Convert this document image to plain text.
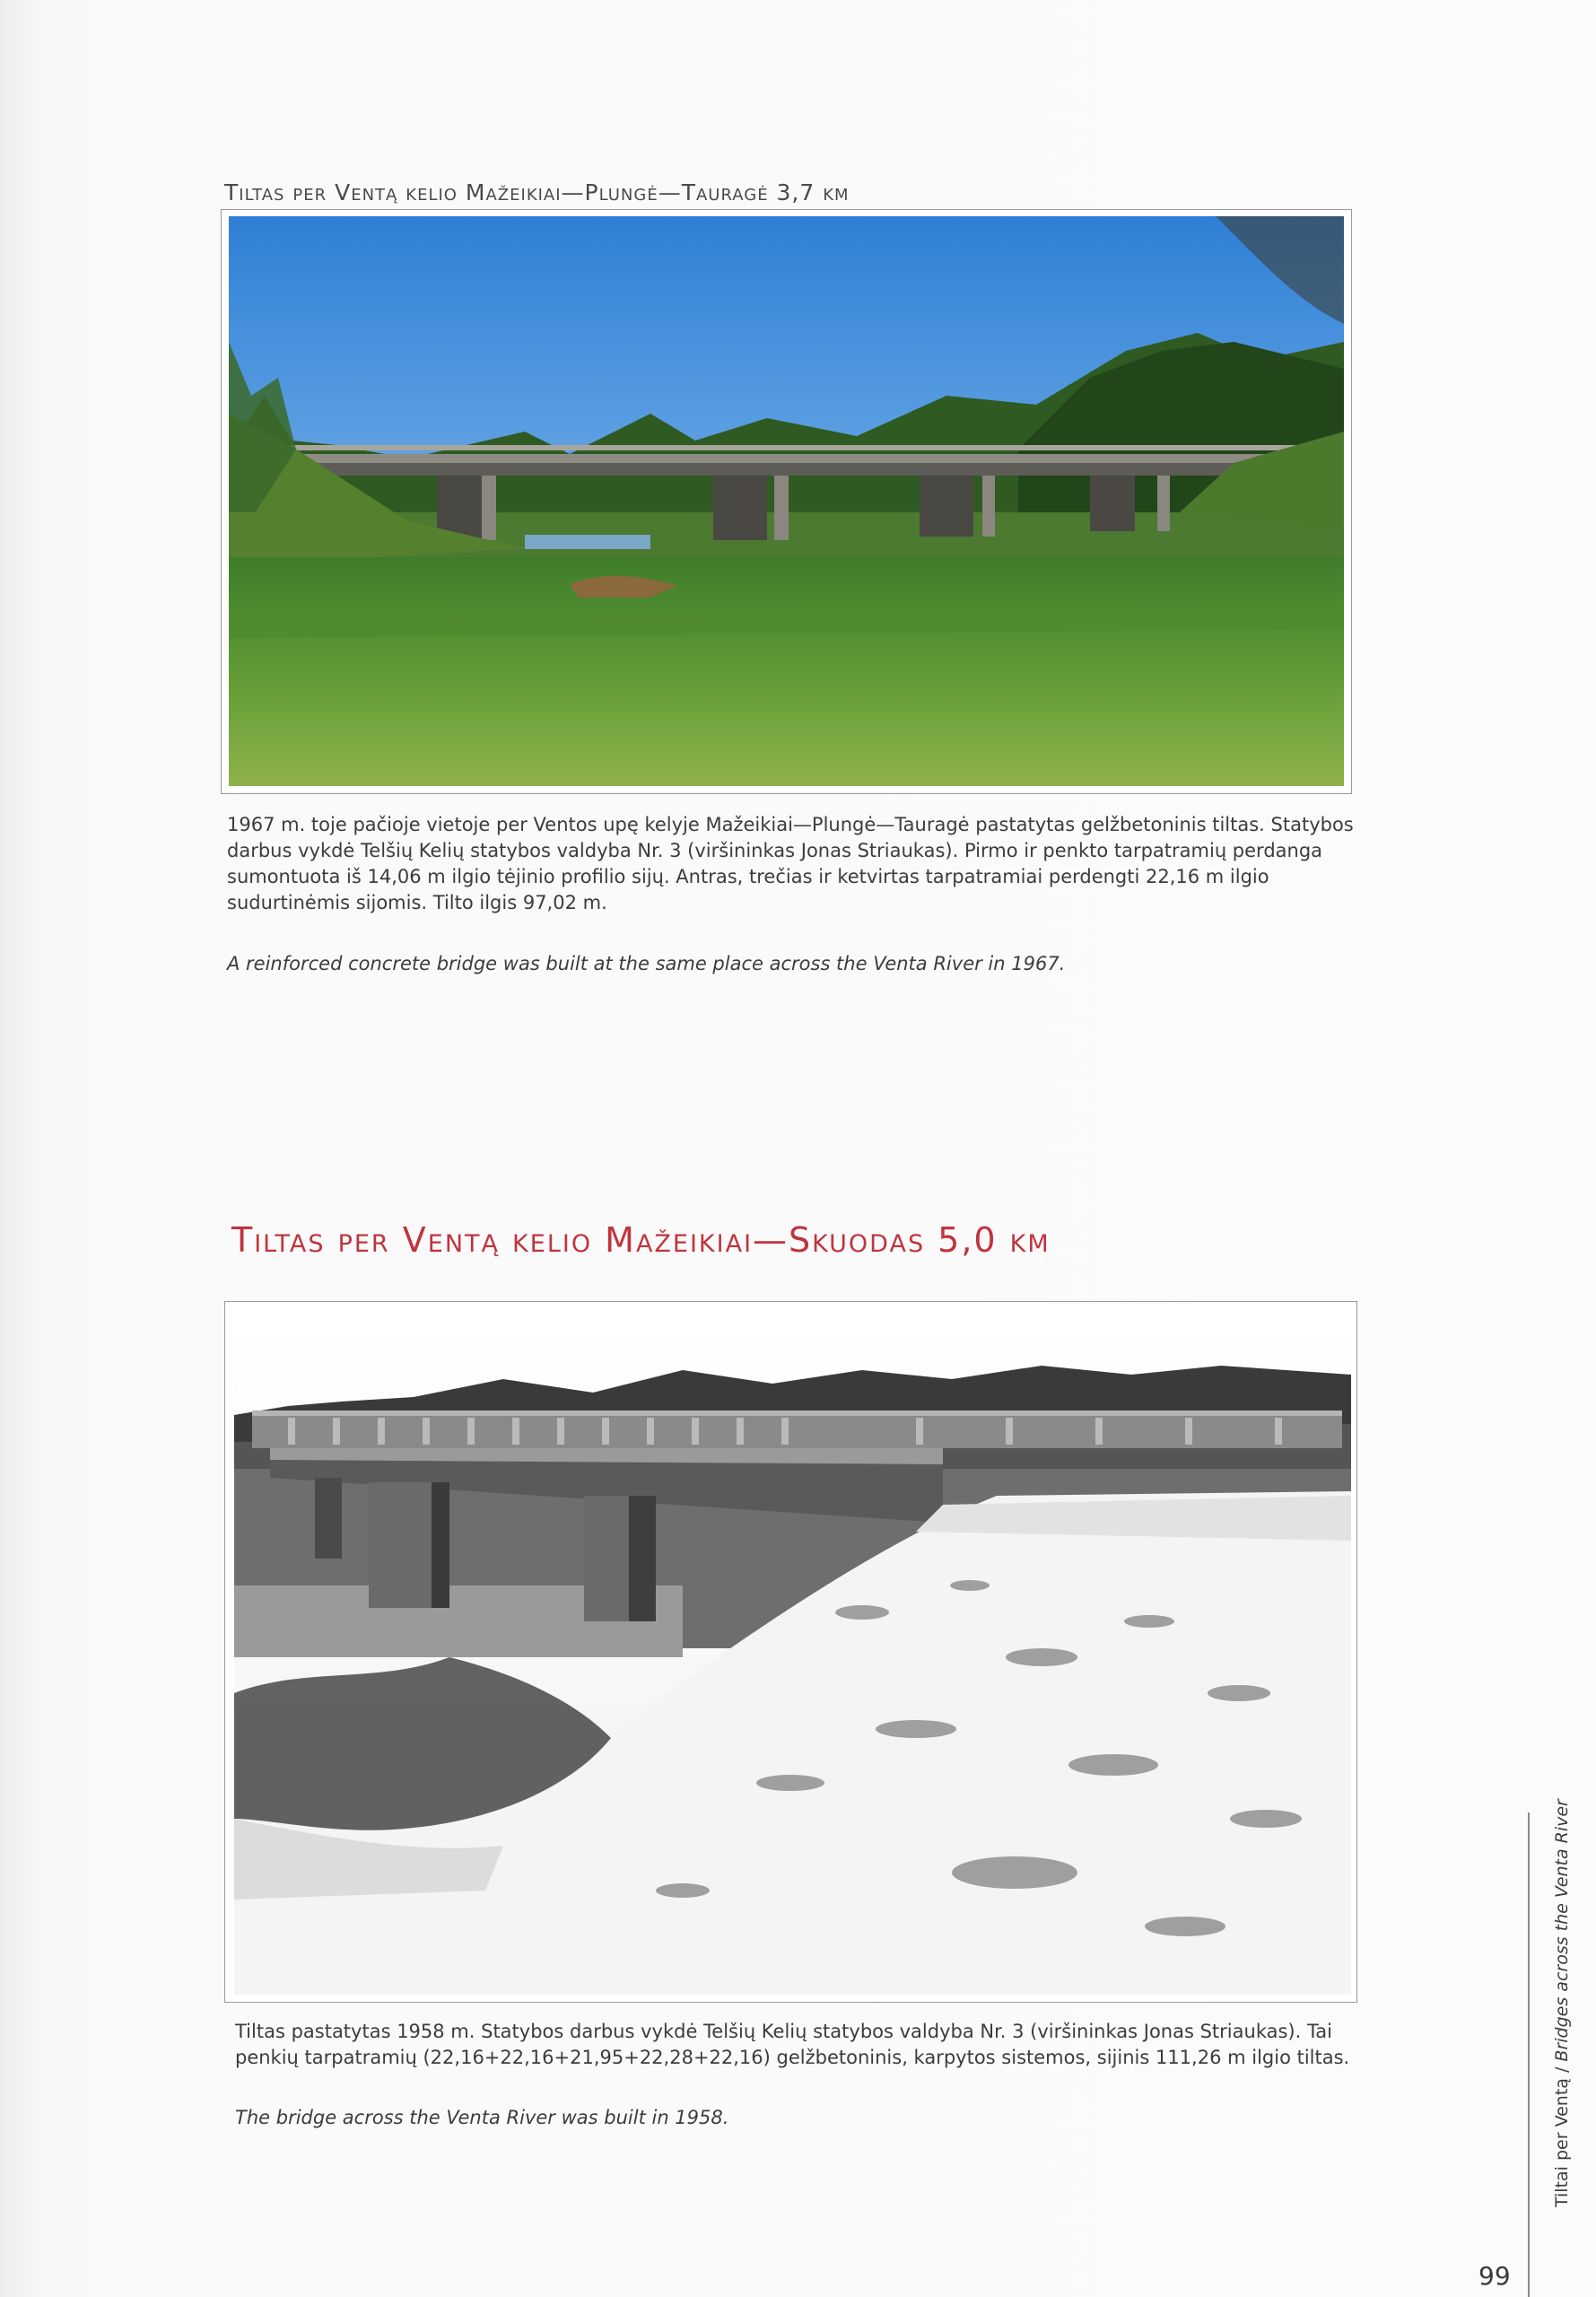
Tiltas per Ventą kelio Mažeikiai—Plungė—Tauragė 3,7 km

1967 m. toje pačioje vietoje per Ventos upę kelyje Mažeikiai—Plungė—Tauragė pastatytas gelžbetoninis tiltas. Statybos darbus vykdė Telšių Kelių statybos valdyba Nr. 3 (viršininkas Jonas Striaukas). Pirmo ir penkto tarpatramių perdanga sumontuota iš 14,06 m ilgio tėjinio profilio sijų. Antras, trečias ir ketvirtas tarpatramiai perdengti 22,16 m ilgio sudurtinėmis sijomis. Tilto ilgis 97,02 m.

A reinforced concrete bridge was built at the same place across the Venta River in 1967.

Tiltas per Ventą kelio Mažeikiai—Skuodas 5,0 km

Tiltas pastatytas 1958 m. Statybos darbus vykdė Telšių Kelių statybos valdyba Nr. 3 (viršininkas Jonas Striaukas). Tai penkių tarpatramių (22,16+22,16+21,95+22,28+22,16) gelžbetoninis, karpytos sistemos, sijinis 111,26 m ilgio tiltas.

The bridge across the Venta River was built in 1958.	Tiltai per Ventą / Bridges across the Venta River
99
